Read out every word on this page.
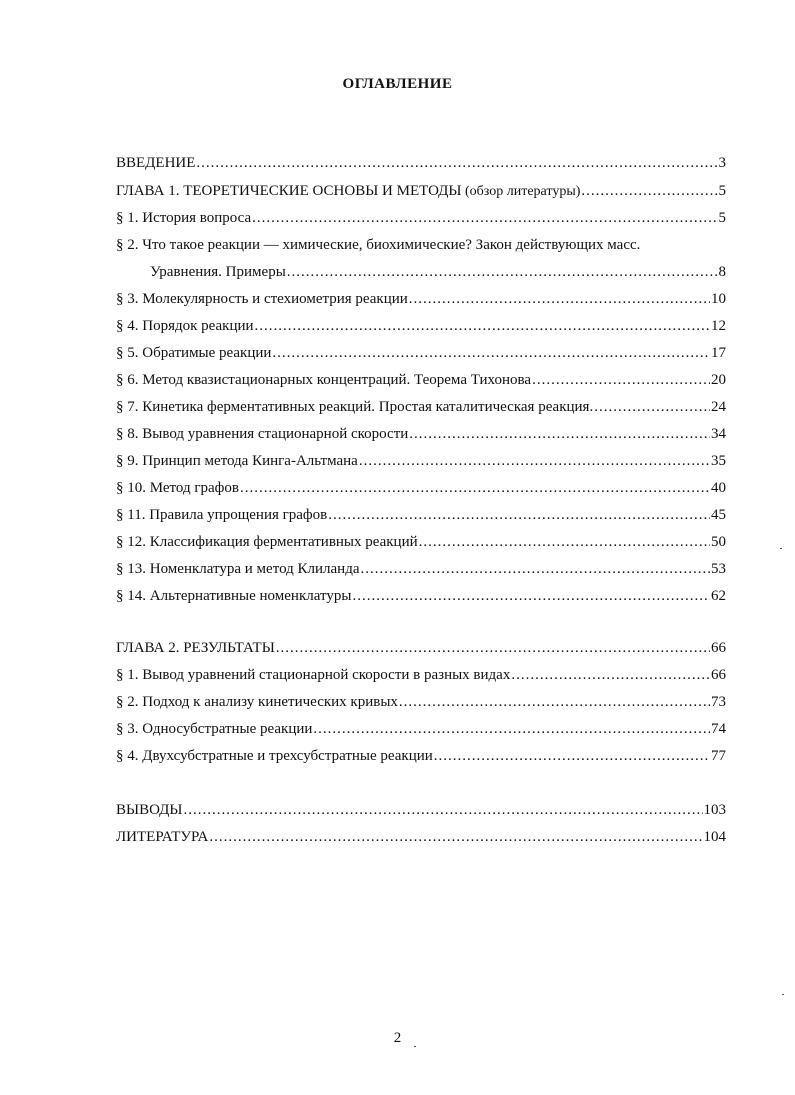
ОГЛАВЛЕНИЕ
ВВЕДЕНИЕ .....	3
ГЛАВА 1. ТЕОРЕТИЧЕСКИЕ ОСНОВЫ И МЕТОДЫ (обзор литературы) .....	5
§ 1. История вопроса .....	5
§ 2. Что такое реакции — химические, биохимические? Закон действующих масс.
Уравнения. Примеры .....	8
§ 3. Молекулярность и стехиометрия реакции .....	10
§ 4. Порядок реакции .....	12
§ 5. Обратимые реакции .....	17
§ 6. Метод квазистационарных концентраций. Теорема Тихонова .....	20
§ 7. Кинетика ферментативных реакций. Простая каталитическая реакция. .....	24
§ 8. Вывод уравнения стационарной скорости .....	34
§ 9. Принцип метода Кинга-Альтмана .....	35
§ 10. Метод графов .....	40
§ 11. Правила упрощения графов .....	45
§ 12. Классификация ферментативных реакций .....	50
§ 13. Номенклатура и метод Клиланда .....	53
§ 14. Альтернативные номенклатуры .....	62
ГЛАВА 2. РЕЗУЛЬТАТЫ .....	66
§ 1. Вывод уравнений стационарной скорости в разных видах .....	66
§ 2. Подход к анализу кинетических кривых .....	73
§ 3. Односубстратные реакции .....	74
§ 4. Двухсубстратные и трехсубстратные реакции .....	77
ВЫВОДЫ .....	103
ЛИТЕРАТУРА .....	104
2
